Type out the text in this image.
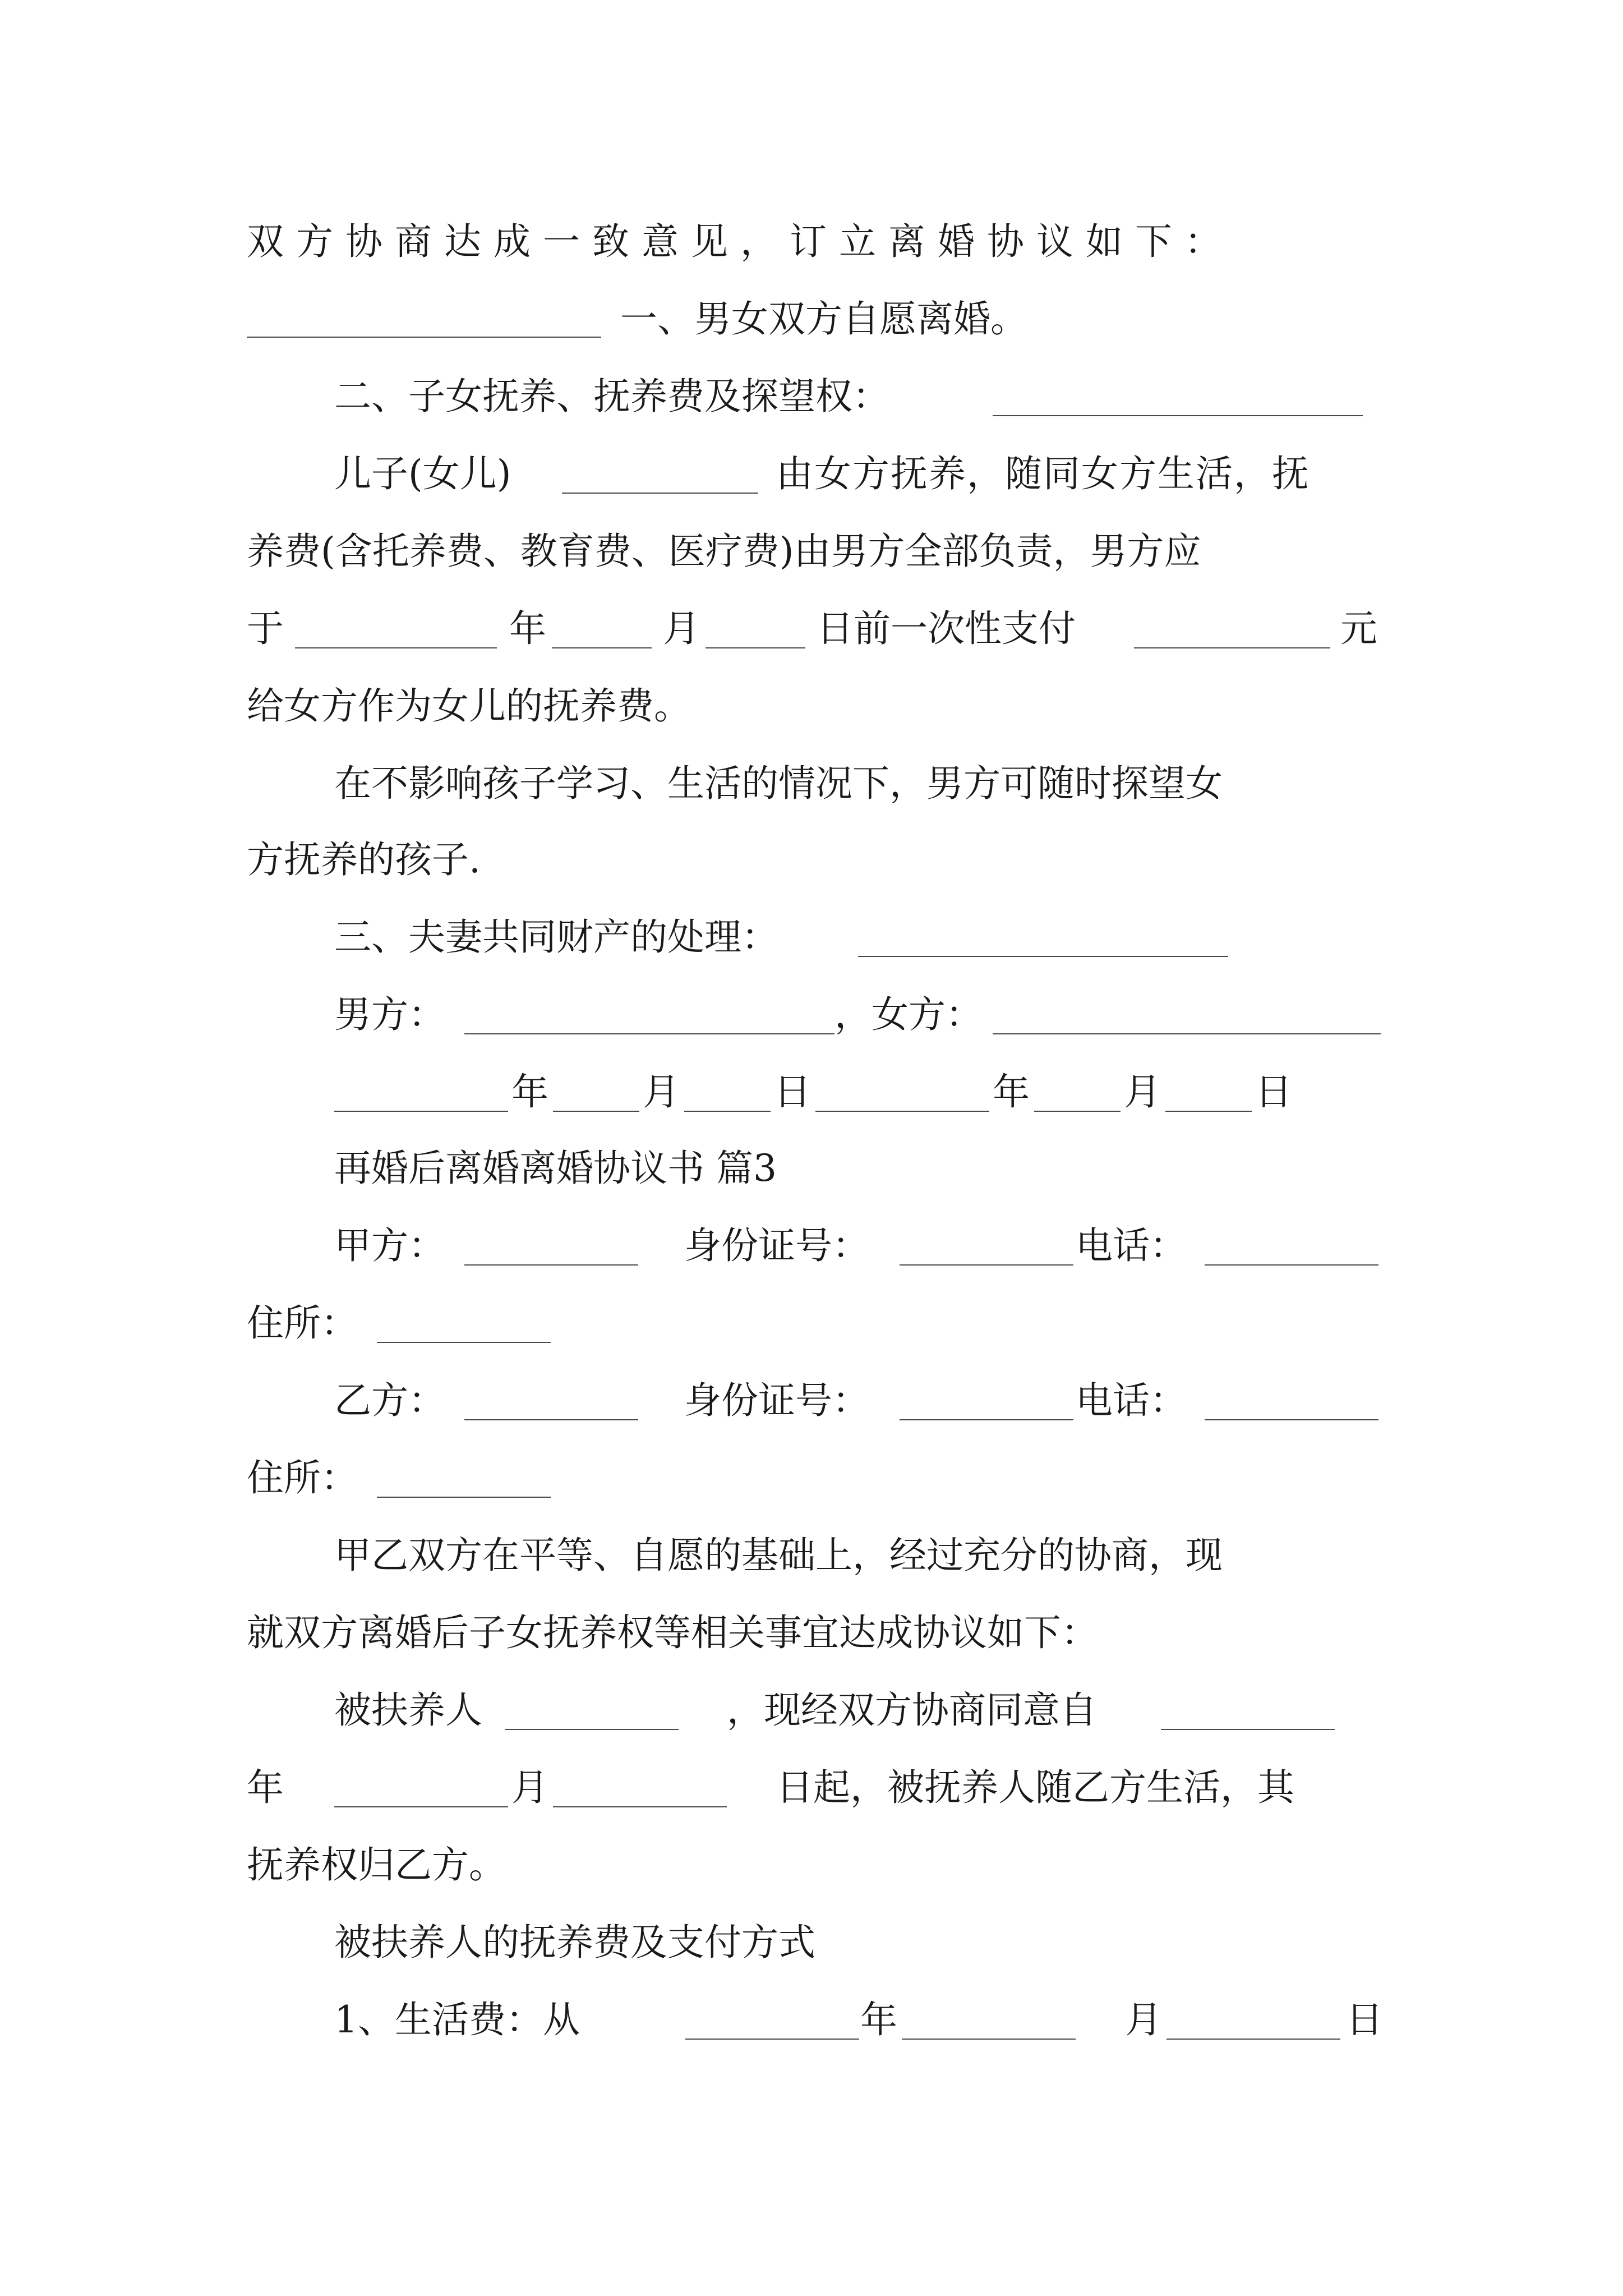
双方协商达成一致意见，订立离婚协议如下：
一、男女双方自愿离婚。
二、子女抚养、抚养费及探望权：
儿子(女儿)	由女方抚养，随同女方生活，抚
养费(含托养费、教育费、医疗费)由男方全部负责，男方应
于	年	月	日前一次性支付	元
给女方作为女儿的抚养费。
在不影响孩子学习、生活的情况下，男方可随时探望女
方抚养的孩子.
三、夫妻共同财产的处理：
男方：	，女方：
年	月	日	年	月	日
再婚后离婚离婚协议书 篇3
甲方：	身份证号：	电话：
住所：
乙方：	身份证号：	电话：
住所：
甲乙双方在平等、自愿的基础上，经过充分的协商，现
就双方离婚后子女抚养权等相关事宜达成协议如下：
被扶养人	，现经双方协商同意自
年	月	日起，被抚养人随乙方生活，其
抚养权归乙方。
被扶养人的抚养费及支付方式
1、生活费：从	年	月	日
